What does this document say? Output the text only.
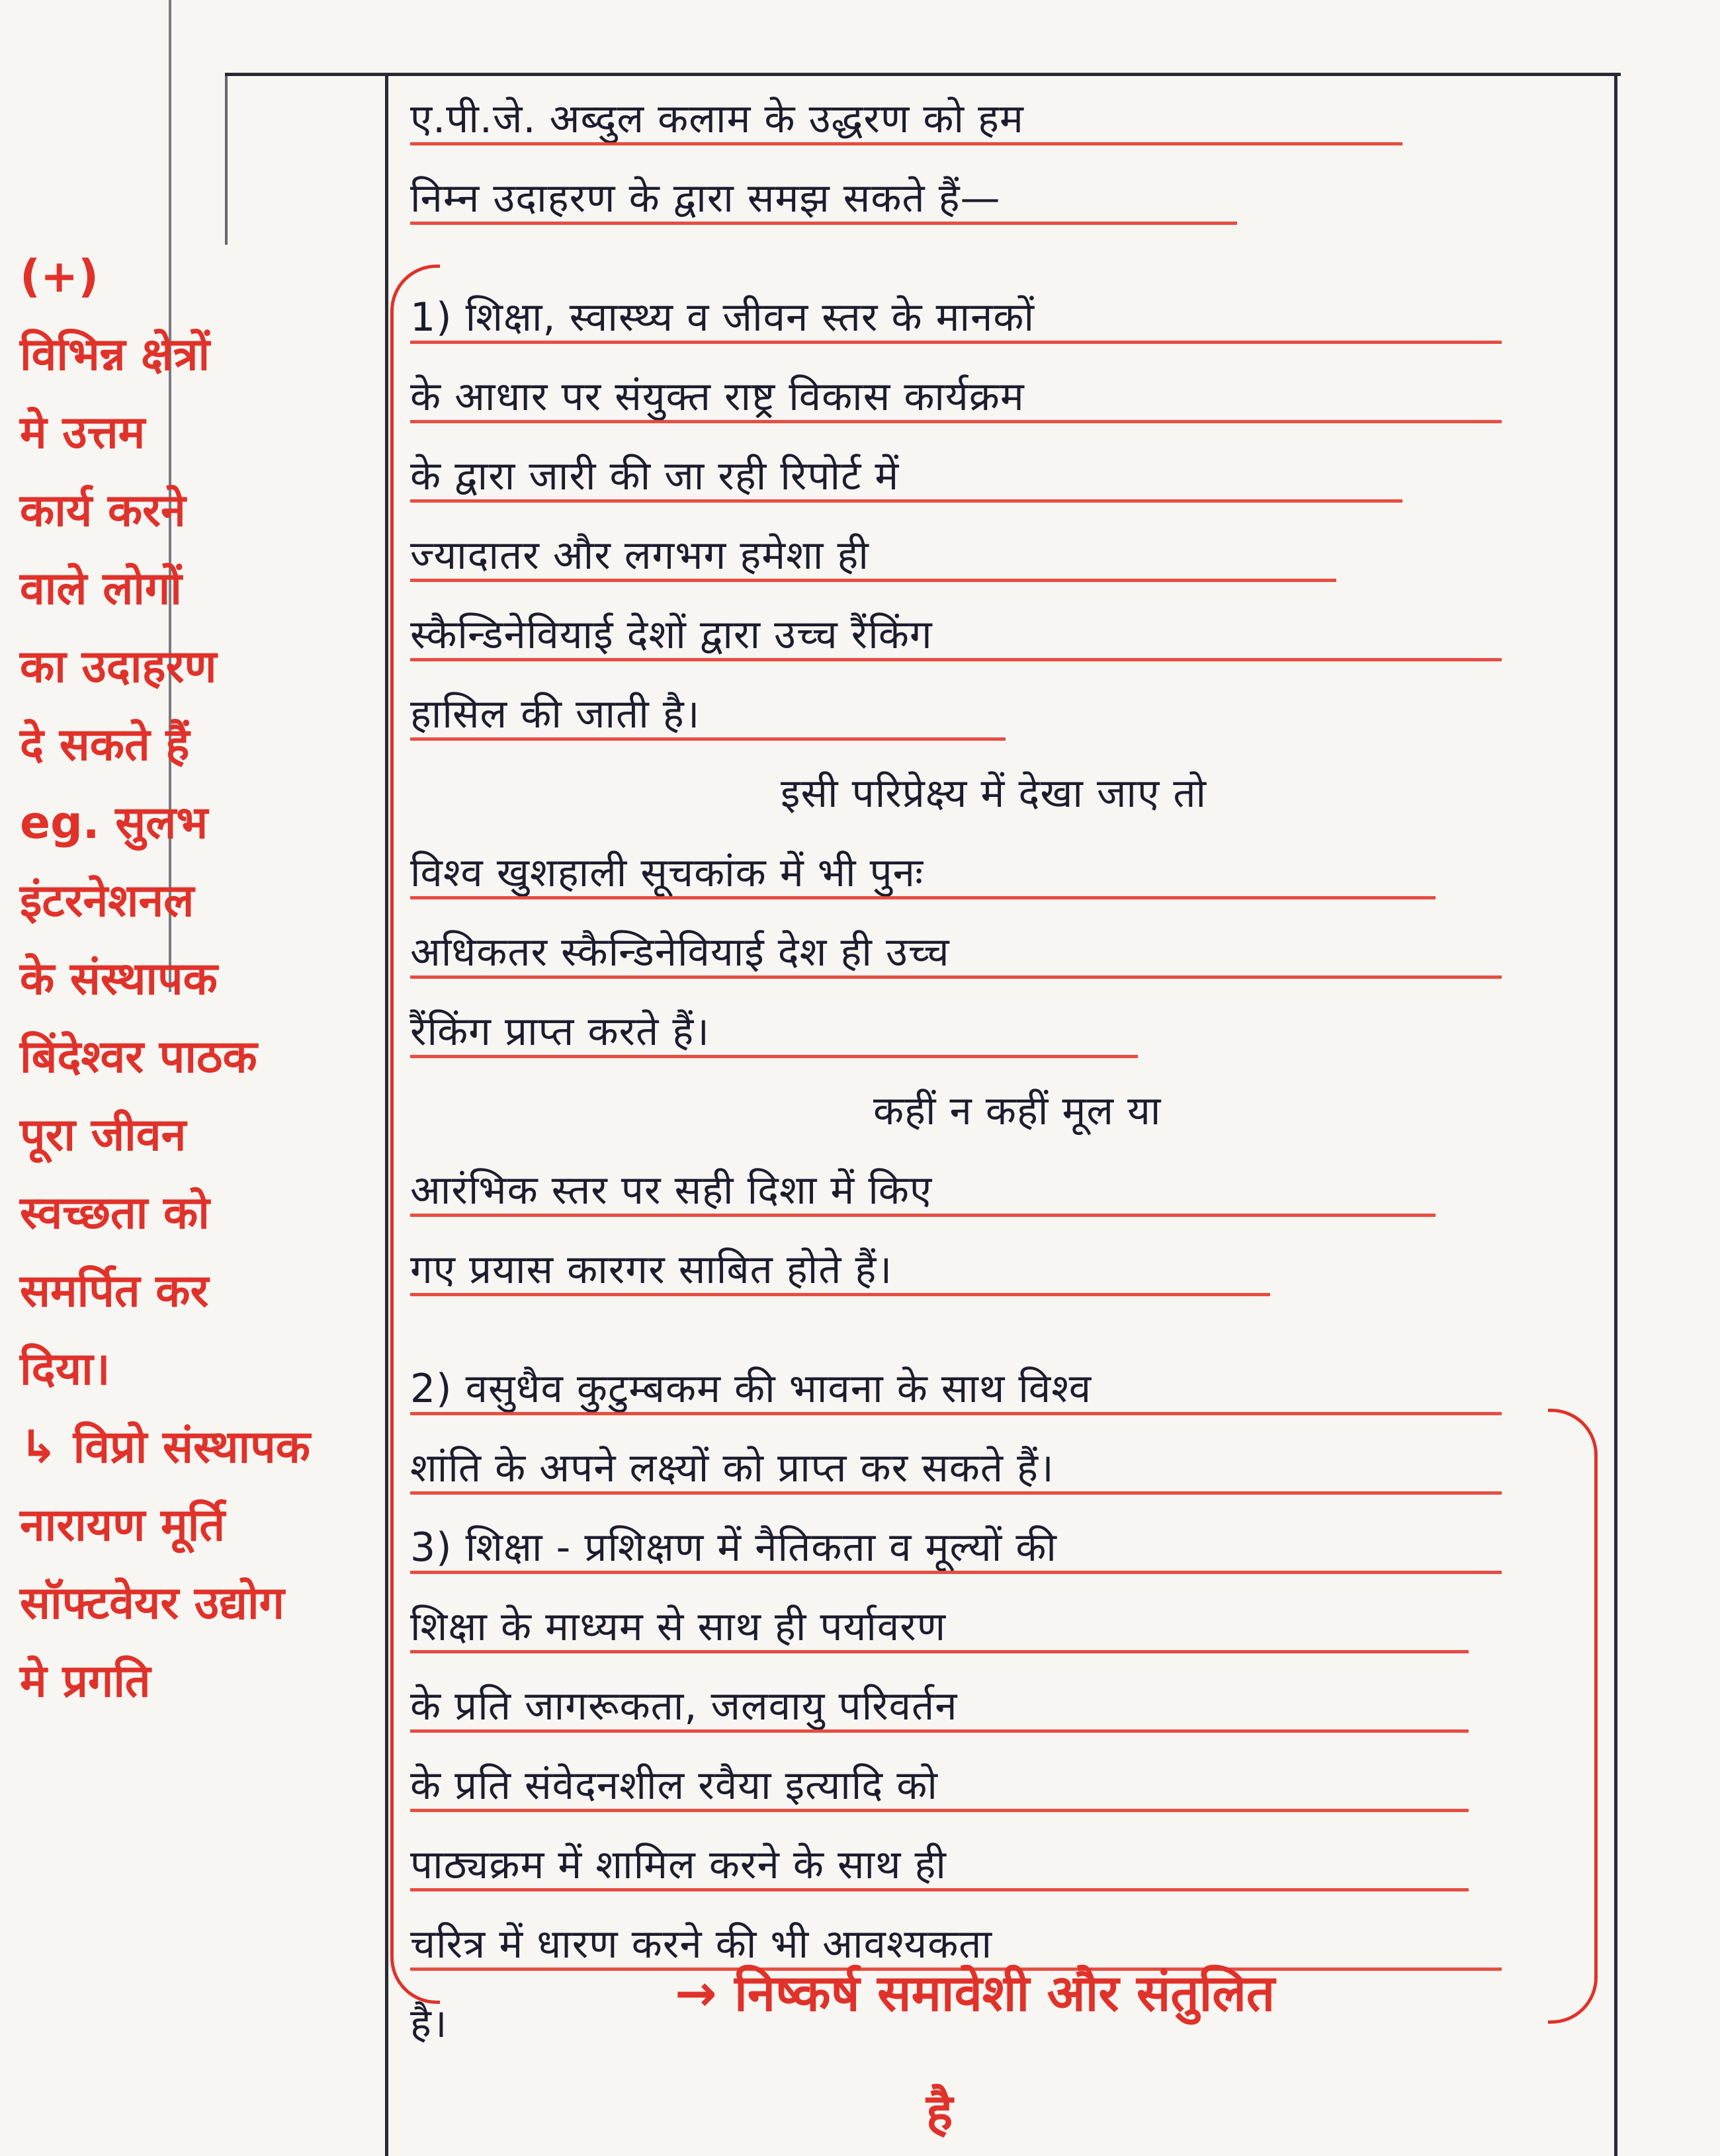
ए.पी.जे. अब्दुल कलाम के उद्धरण को हम
निम्न उदाहरण के द्वारा समझ सकते हैं—
1) शिक्षा, स्वास्थ्य व जीवन स्तर के मानकों
के आधार पर संयुक्त राष्ट्र विकास कार्यक्रम
के द्वारा जारी की जा रही रिपोर्ट में
ज्यादातर और लगभग हमेशा ही
स्कैन्डिनेवियाई देशों द्वारा उच्च रैंकिंग
हासिल की जाती है।
इसी परिप्रेक्ष्य में देखा जाए तो
विश्व खुशहाली सूचकांक में भी पुनः
अधिकतर स्कैन्डिनेवियाई देश ही उच्च
रैंकिंग प्राप्त करते हैं।
कहीं न कहीं मूल या
आरंभिक स्तर पर सही दिशा में किए
गए प्रयास कारगर साबित होते हैं।
2) वसुधैव कुटुम्बकम की भावना के साथ विश्व
शांति के अपने लक्ष्यों को प्राप्त कर सकते हैं।
3) शिक्षा - प्रशिक्षण में नैतिकता व मूल्यों की
शिक्षा के माध्यम से साथ ही पर्यावरण
के प्रति जागरूकता, जलवायु परिवर्तन
के प्रति संवेदनशील रवैया इत्यादि को
पाठ्यक्रम में शामिल करने के साथ ही
चरित्र में धारण करने की भी आवश्यकता
है।
(+)
विभिन्न क्षेत्रों
मे उत्तम
कार्य करने
वाले लोगों
का उदाहरण
दे सकते हैं
eg. सुलभ
इंटरनेशनल
के संस्थापक
बिंदेश्वर पाठक
पूरा जीवन
स्वच्छता को
समर्पित कर
दिया।
↳ विप्रो संस्थापक
नारायण मूर्ति
सॉफ्टवेयर उद्योग
मे प्रगति
→ निष्कर्ष समावेशी और संतुलित
है
